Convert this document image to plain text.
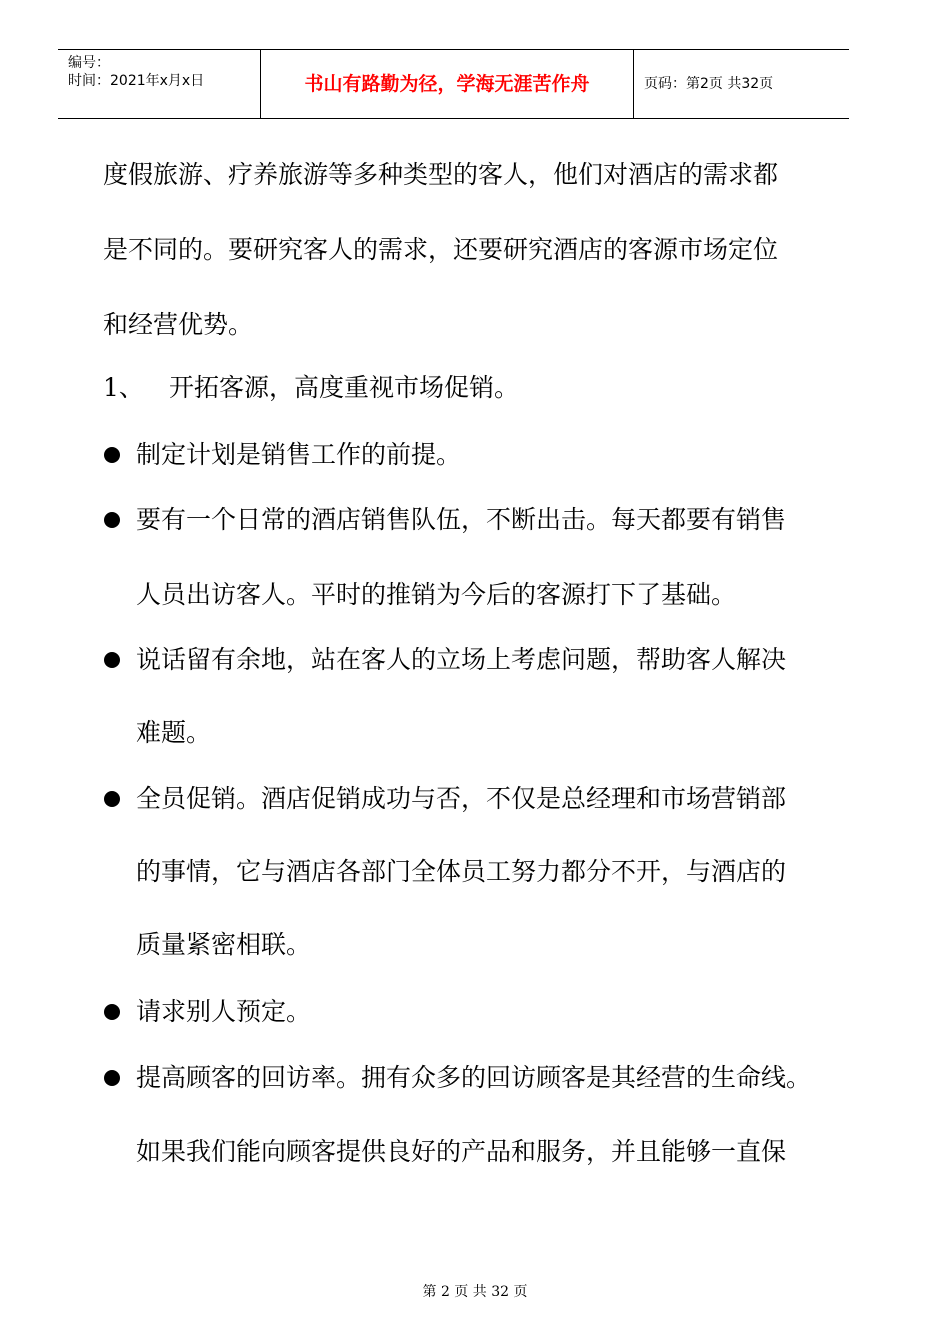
编号：
时间：2021年x月x日	书山有路勤为径，学海无涯苦作舟	页码：第2页 共32页
度假旅游、疗养旅游等多种类型的客人，他们对酒店的需求都
是不同的。要研究客人的需求，还要研究酒店的客源市场定位
和经营优势。
1、 开拓客源，高度重视市场促销。
制定计划是销售工作的前提。
要有一个日常的酒店销售队伍，不断出击。每天都要有销售
人员出访客人。平时的推销为今后的客源打下了基础。
说话留有余地，站在客人的立场上考虑问题，帮助客人解决
难题。
全员促销。酒店促销成功与否，不仅是总经理和市场营销部
的事情，它与酒店各部门全体员工努力都分不开，与酒店的
质量紧密相联。
请求别人预定。
提高顾客的回访率。拥有众多的回访顾客是其经营的生命线。
如果我们能向顾客提供良好的产品和服务，并且能够一直保
第 2 页 共 32 页
